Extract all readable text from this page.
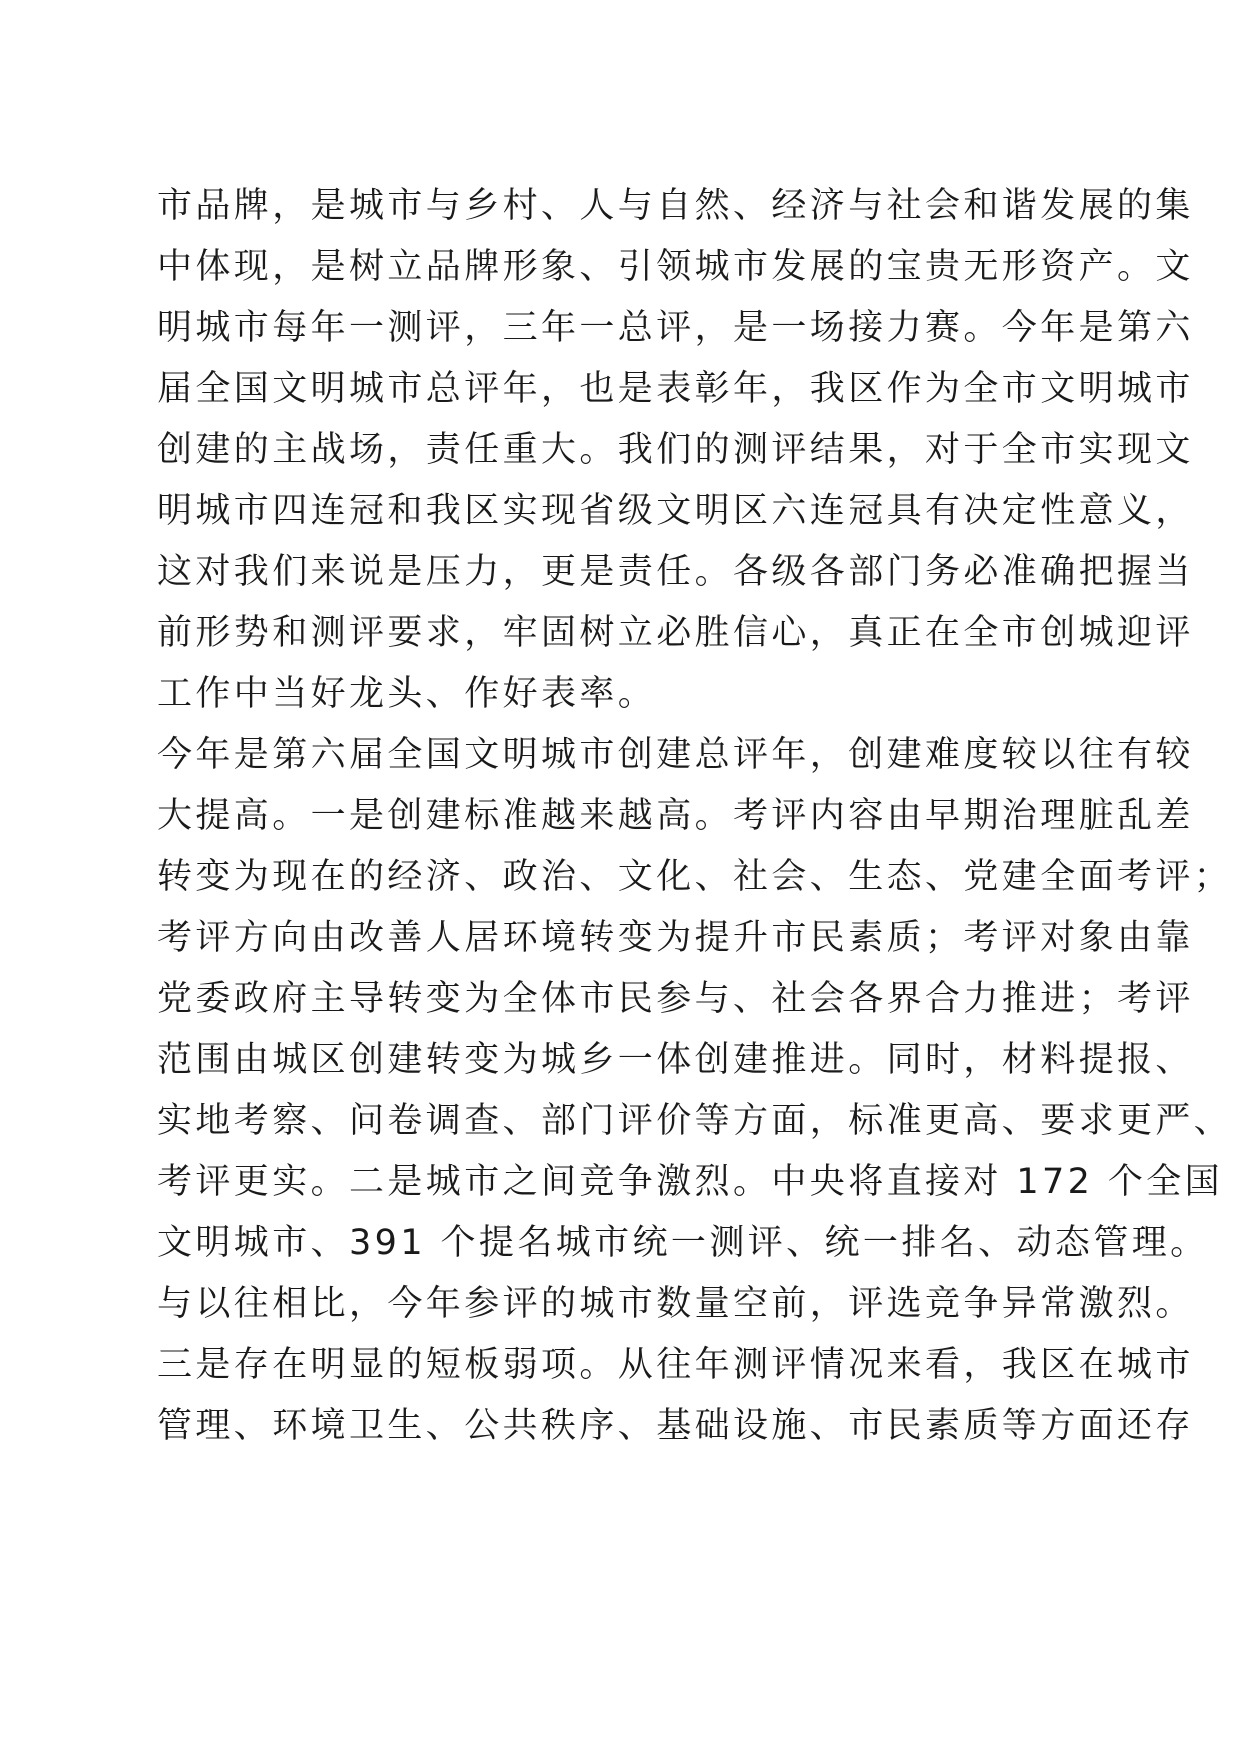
市品牌，是城市与乡村、人与自然、经济与社会和谐发展的集

中体现，是树立品牌形象、引领城市发展的宝贵无形资产。文

明城市每年一测评，三年一总评，是一场接力赛。今年是第六

届全国文明城市总评年，也是表彰年，我区作为全市文明城市

创建的主战场，责任重大。我们的测评结果，对于全市实现文

明城市四连冠和我区实现省级文明区六连冠具有决定性意义，

这对我们来说是压力，更是责任。各级各部门务必准确把握当

前形势和测评要求，牢固树立必胜信心，真正在全市创城迎评

工作中当好龙头、作好表率。

今年是第六届全国文明城市创建总评年，创建难度较以往有较

大提高。一是创建标准越来越高。考评内容由早期治理脏乱差

转变为现在的经济、政治、文化、社会、生态、党建全面考评；

考评方向由改善人居环境转变为提升市民素质；考评对象由靠

党委政府主导转变为全体市民参与、社会各界合力推进；考评

范围由城区创建转变为城乡一体创建推进。同时，材料提报、

实地考察、问卷调查、部门评价等方面，标准更高、要求更严、

考评更实。二是城市之间竞争激烈。中央将直接对 172 个全国

文明城市、391 个提名城市统一测评、统一排名、动态管理。

与以往相比，今年参评的城市数量空前，评选竞争异常激烈。

三是存在明显的短板弱项。从往年测评情况来看，我区在城市

管理、环境卫生、公共秩序、基础设施、市民素质等方面还存
